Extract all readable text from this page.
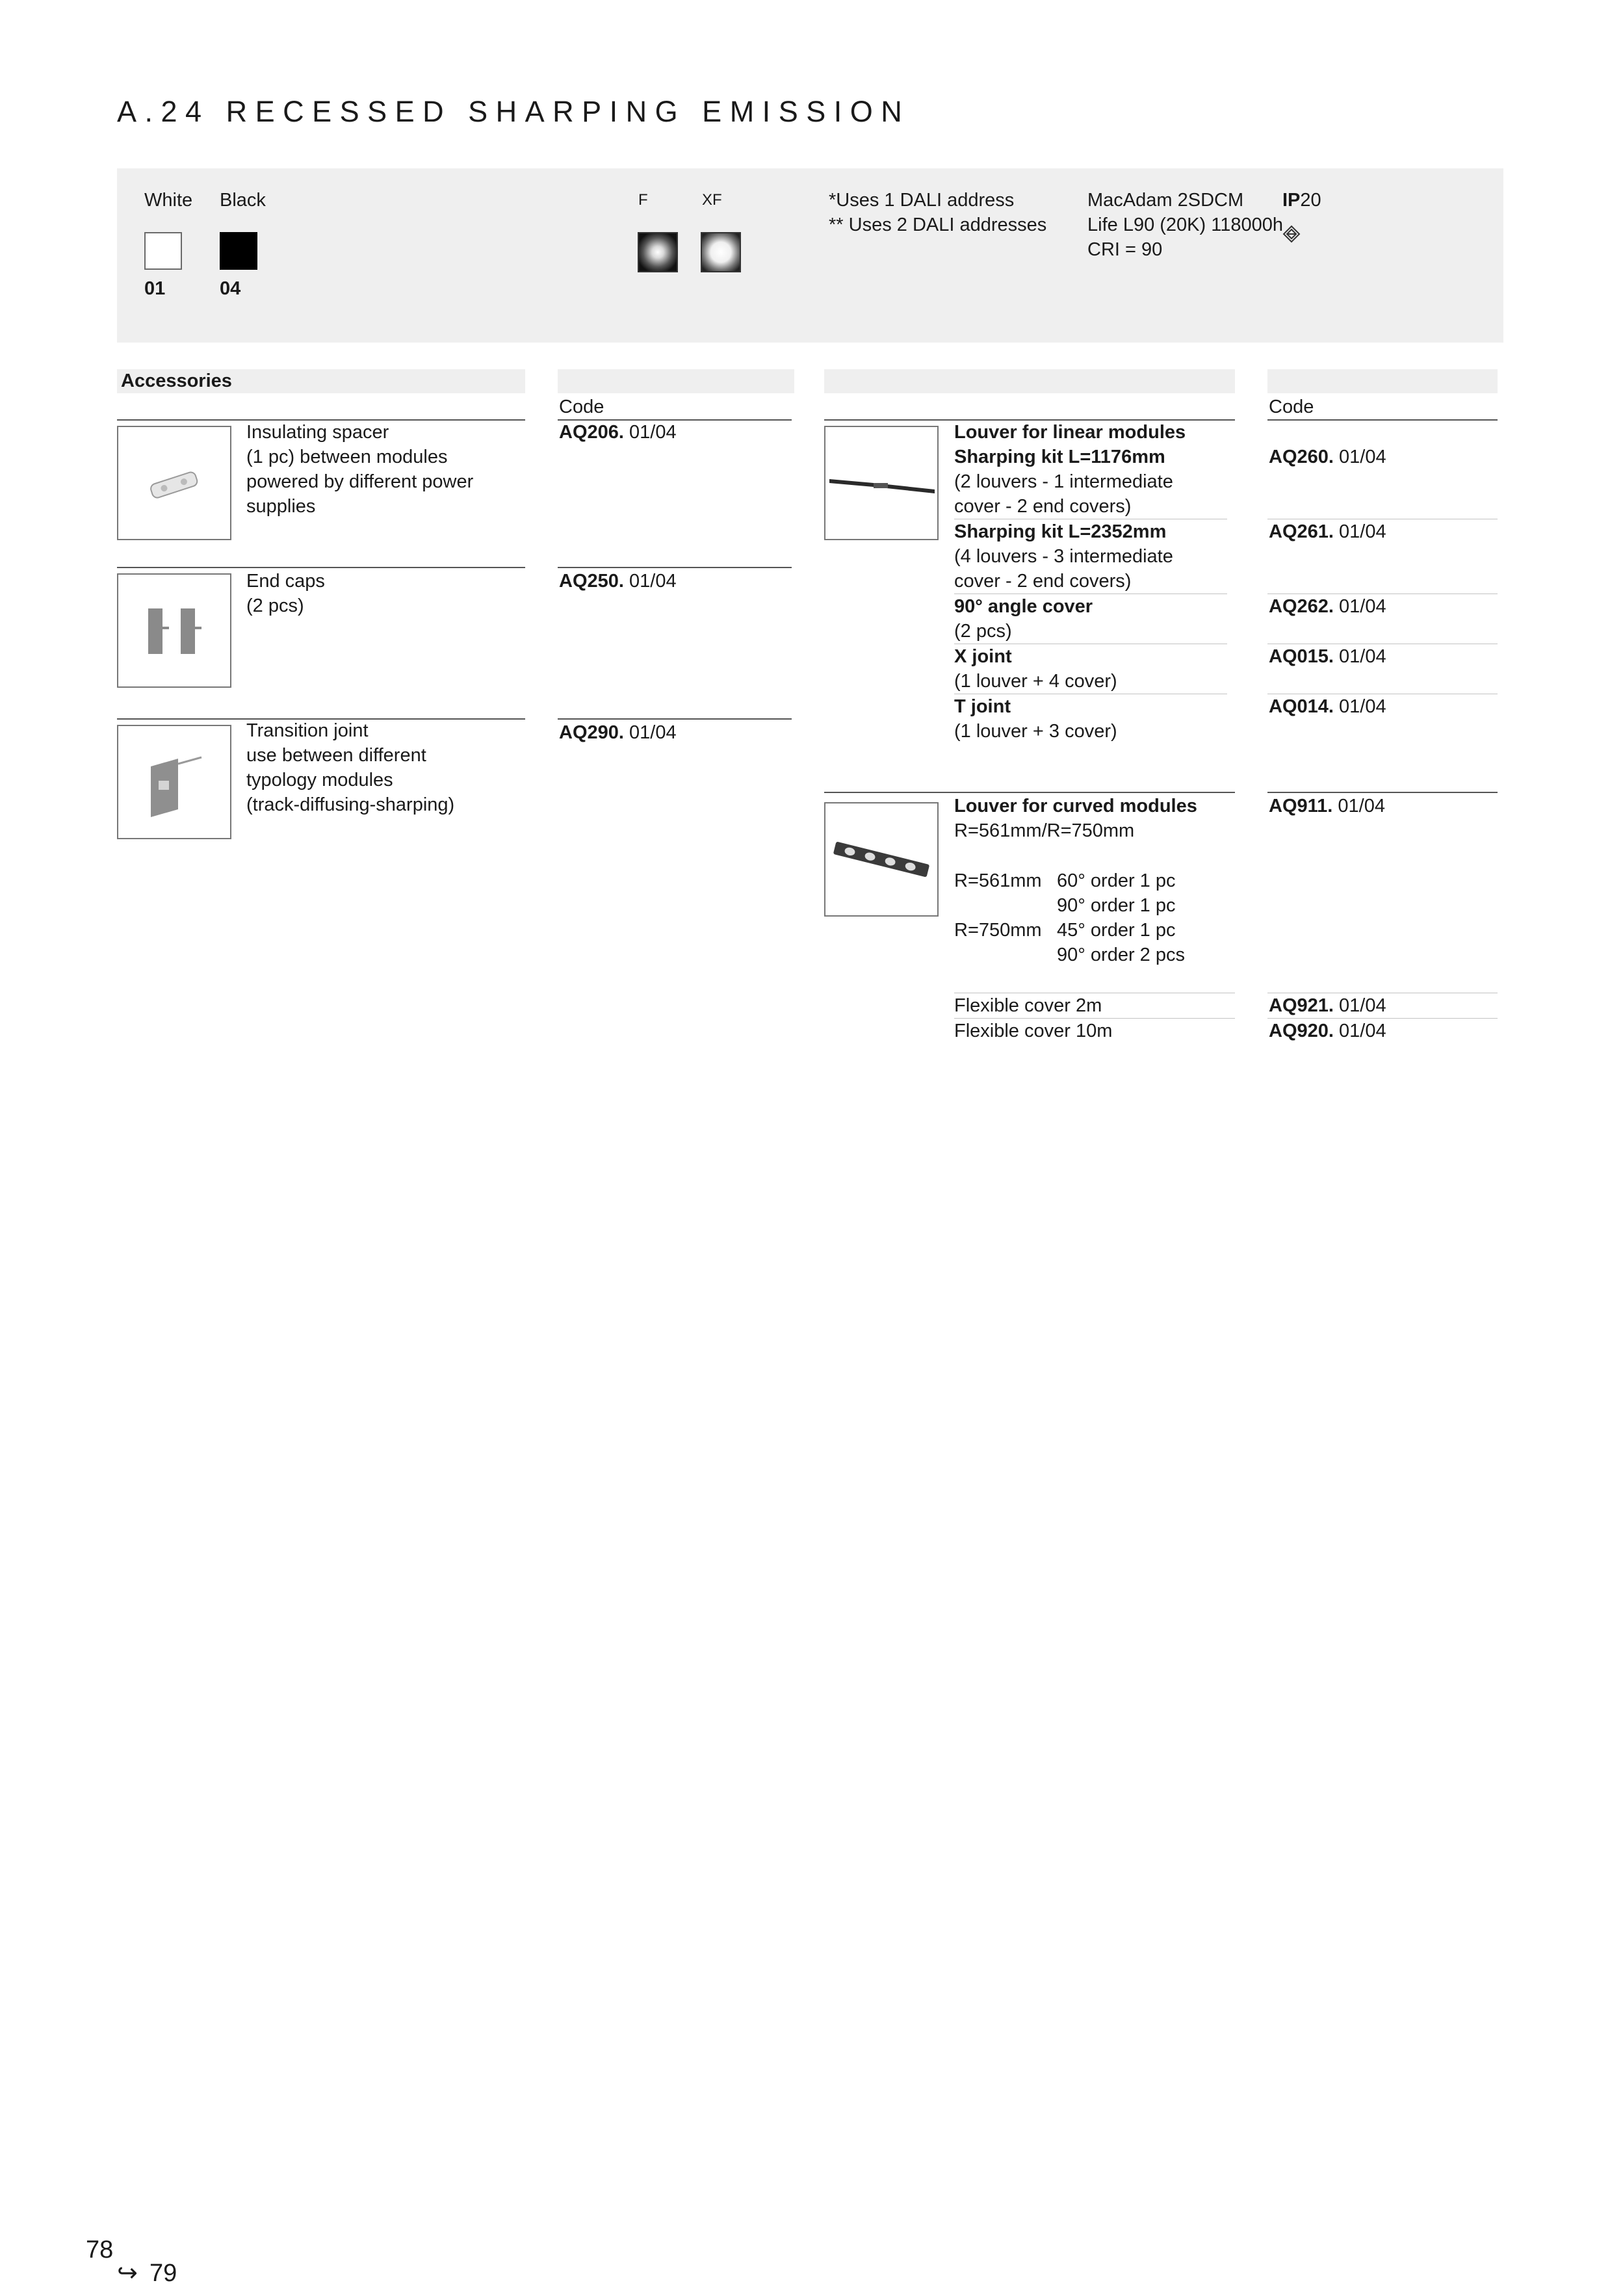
A.24 RECESSED SHARPING EMISSION
White Black
01	04
F	XF	*Uses 1 DALI address
** Uses 2 DALI addresses
MacAdam 2SDCM
Life L90 (20K) 118000h
CRI = 90
IP20
Accessories
Code	Code
Insulating spacer
(1 pc) between modules
powered by different power
supplies
AQ206. 01/04
End caps
(2 pcs)
AQ250. 01/04
Transition joint
use between different
typology modules
(track-diffusing-sharping)
AQ290. 01/04
Louver for linear modules
Sharping kit L=1176mm
(2 louvers - 1 intermediate
cover - 2 end covers)
AQ260. 01/04
Sharping kit L=2352mm
(4 louvers - 3 intermediate
cover - 2 end covers)
AQ261. 01/04
90° angle cover
(2 pcs)
AQ262. 01/04
X joint
(1 louver + 4 cover)
AQ015. 01/04
T joint
(1 louver + 3 cover)
AQ014. 01/04
Louver for curved modules
R=561mm/R=750mm
AQ911. 01/04
R=561mm 60° order 1 pc
90° order 1 pc
R=750mm 45° order 1 pc
90° order 2 pcs
Flexible cover 2m	AQ921. 01/04
Flexible cover 10m	AQ920. 01/04
78
↪ 79
